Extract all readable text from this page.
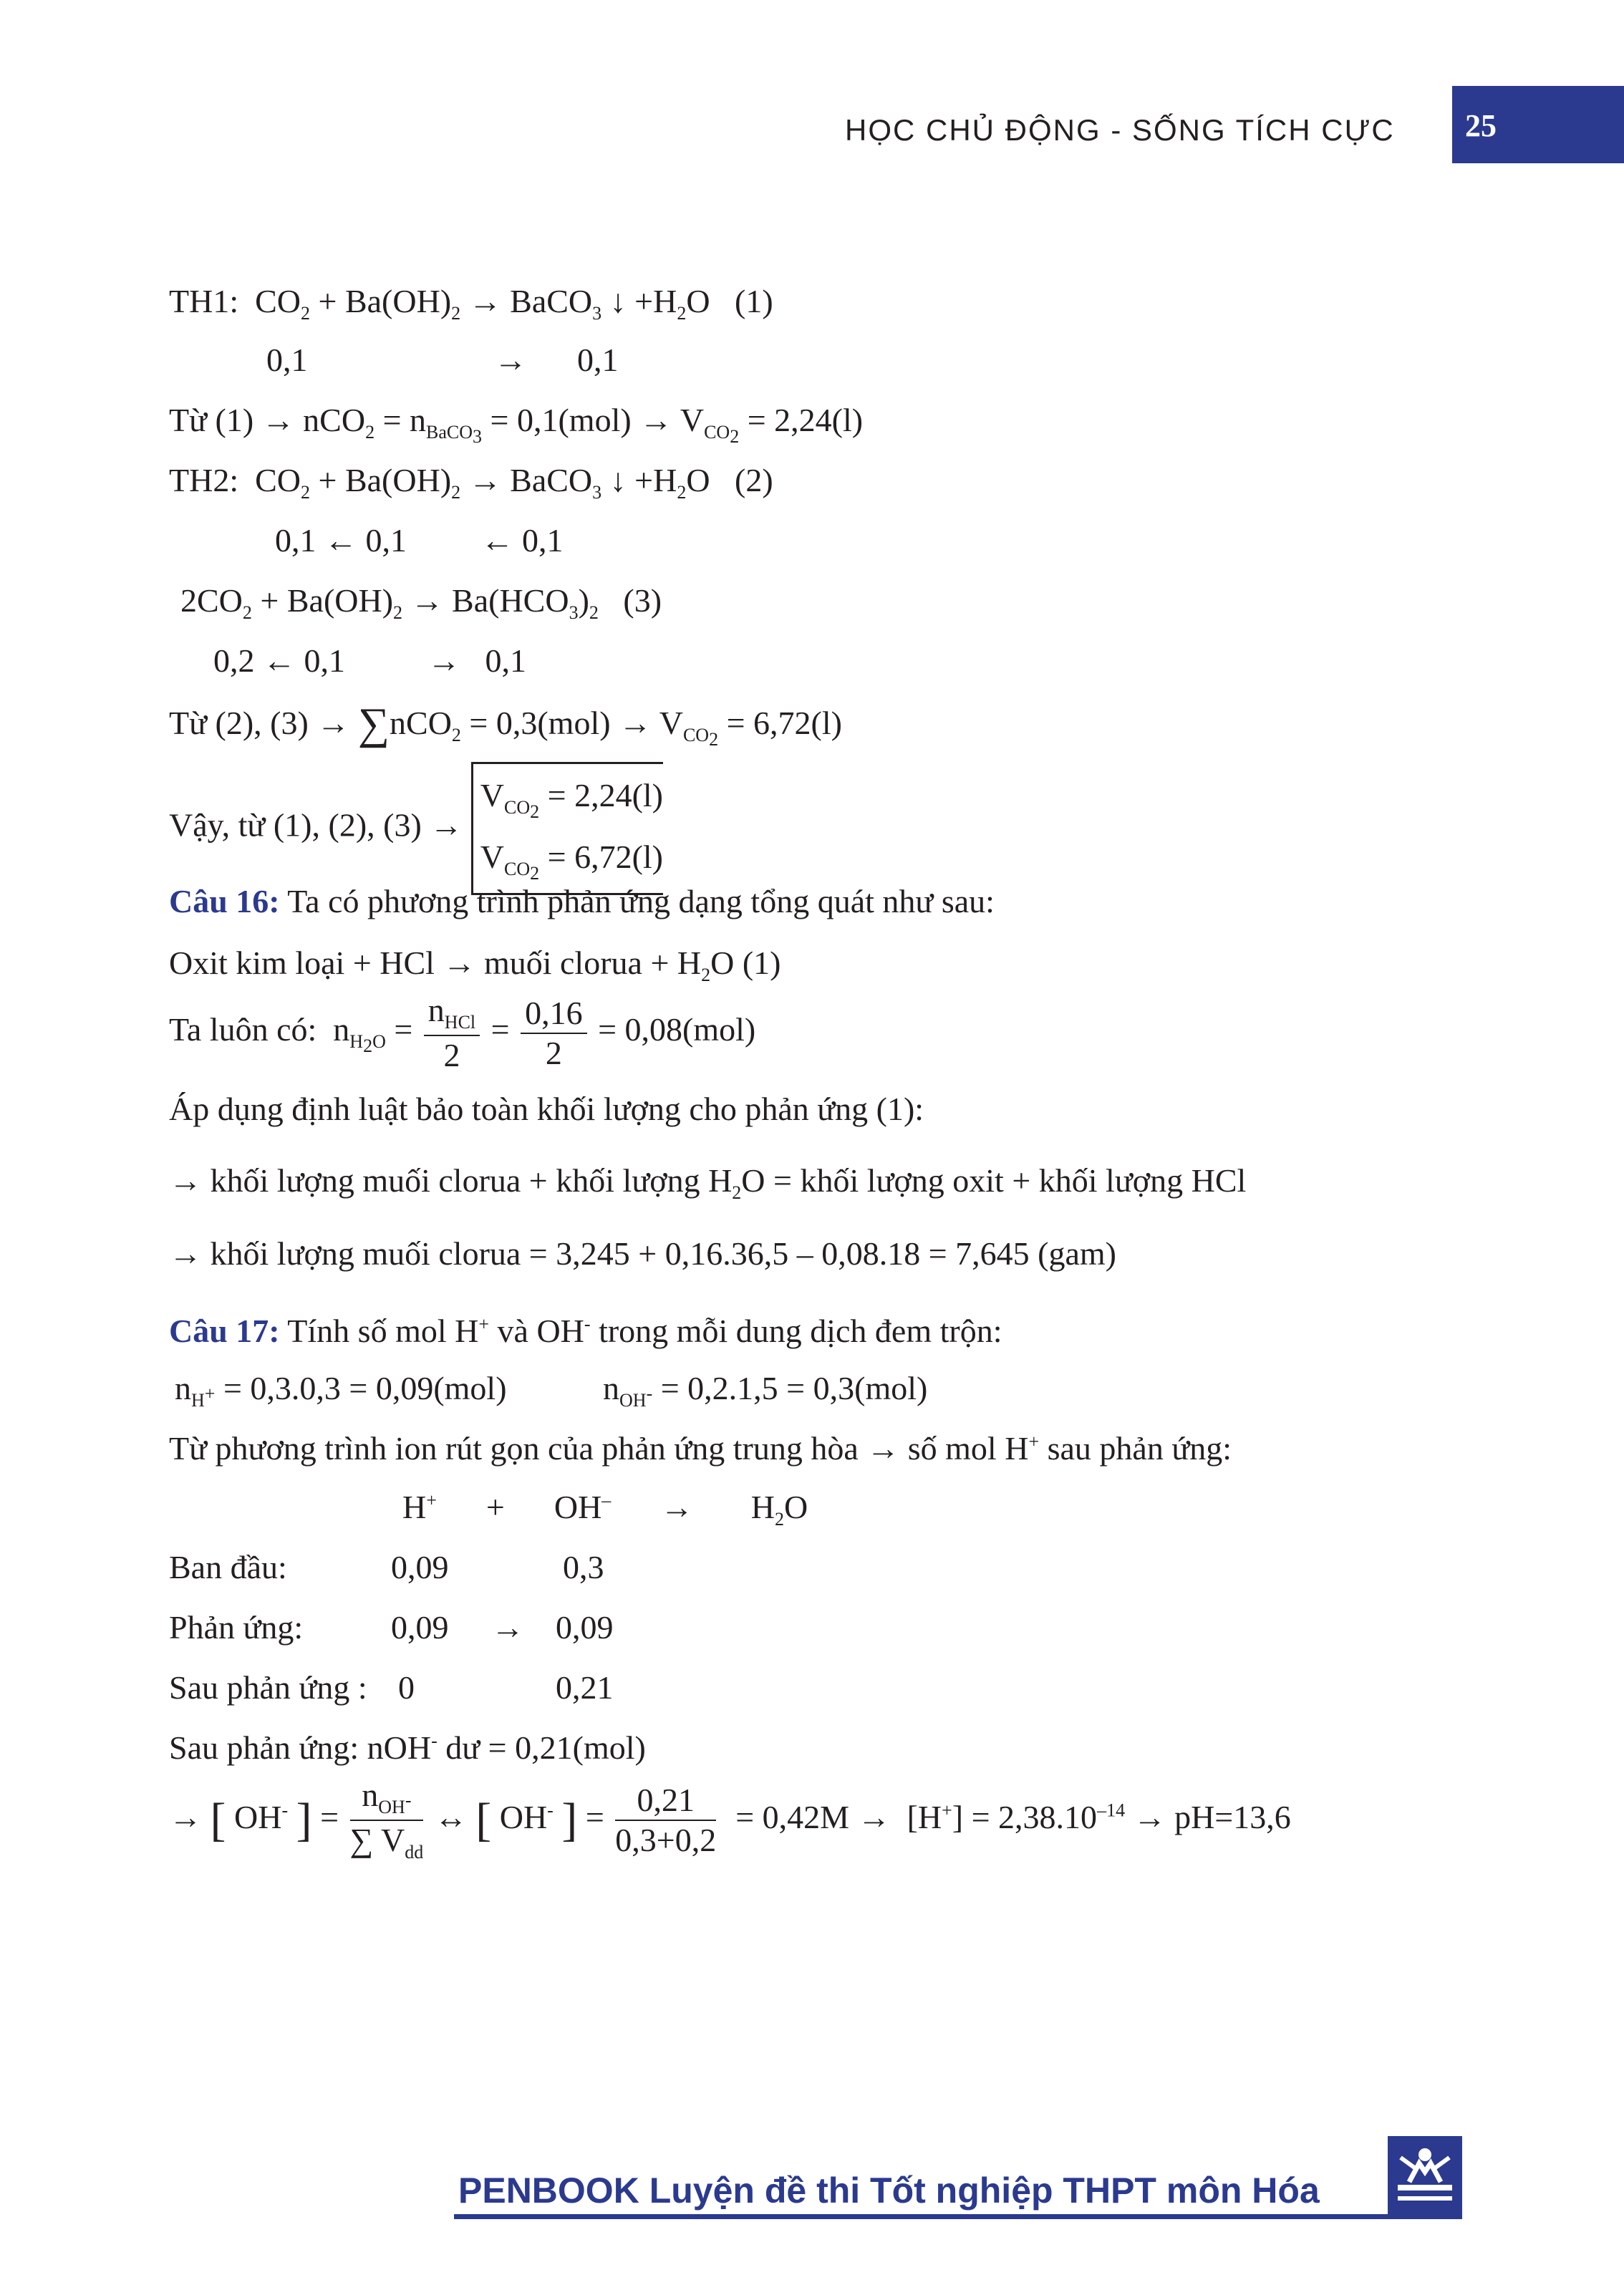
HỌC CHỦ ĐỘNG - SỐNG TÍCH CỰC 25
TH1:  $CO_2 + Ba(OH)_2$ → BaCO$_3$ ↓ $+H_2O$   (1)
0,1	→ 0,1
Từ $(1) \to nCO_2 = n_{BaCO_3} = 0,1(mol) \to V_{CO_2} = 2,24(l)$
TH2:  $CO_2 + Ba(OH)_2$ → BaCO$_3$ ↓ $+H_2O$   (2)
0,1 ← 0,1         ← 0,1
$2CO_2 + Ba(OH)_2 \to Ba(HCO_3)_2$ (3)
0,2 ← 0,1          →   0,1
Từ (2), $(3) \to \sum nCO_2 = 0,3(mol) \to V_{CO_2} = 6,72(l)$
Vậy, từ (1), (2), $(3) \to V_{CO_2} = 2,24(l)$
$V_{CO_2} = 6,72(l)$
Câu 16: Ta có phương trình phản ứng dạng tổng quát như sau:
Oxit kim loại + HCl → muối clorua + $H_2O$ (1)
Ta luôn có:  $n_{H_2O} = \frac{n_{HCl}}{2} = \frac{0,16}{2} = 0,08(mol)$
Áp dụng định luật bảo toàn khối lượng cho phản ứng (1):
→ khối lượng muối clorua + khối lượng $H_2O$ = khối lượng oxit + khối lượng HCl
→ khối lượng muối clorua = 3,245 + 0,16.36,5 – 0,08.18 = 7,645 (gam)
Câu 17: Tính số mol H+ và OH- trong mỗi dung dịch đem trộn:
$n_{H^+} = 0,3.0,3 = 0,09(mol)$	$n_{OH^-} = 0,2.1,5 = 0,3(mol)$
Từ phương trình ion rút gọn của phản ứng trung hòa → số mol H+ sau phản ứng:
H+      +      OH–      →       $H_2O$
Ban đầu:	0,09	0,3
Phản ứng:	0,09 → 0,09
Sau phản ứng : 0	0,21
Sau phản ứng: nOH- dư = 0,21(mol)
→ [ OH- ] = $\frac{n_{OH^-}}{\sum V_{dd}}$ ↔ [ OH- ] = $\frac{0,21}{0,3+0,2} = 0,42M \to [H^+] = 2,38.10^{-14} \to pH=13,6$
PENBOOK Luyện đề thi Tốt nghiệp THPT môn Hóa
